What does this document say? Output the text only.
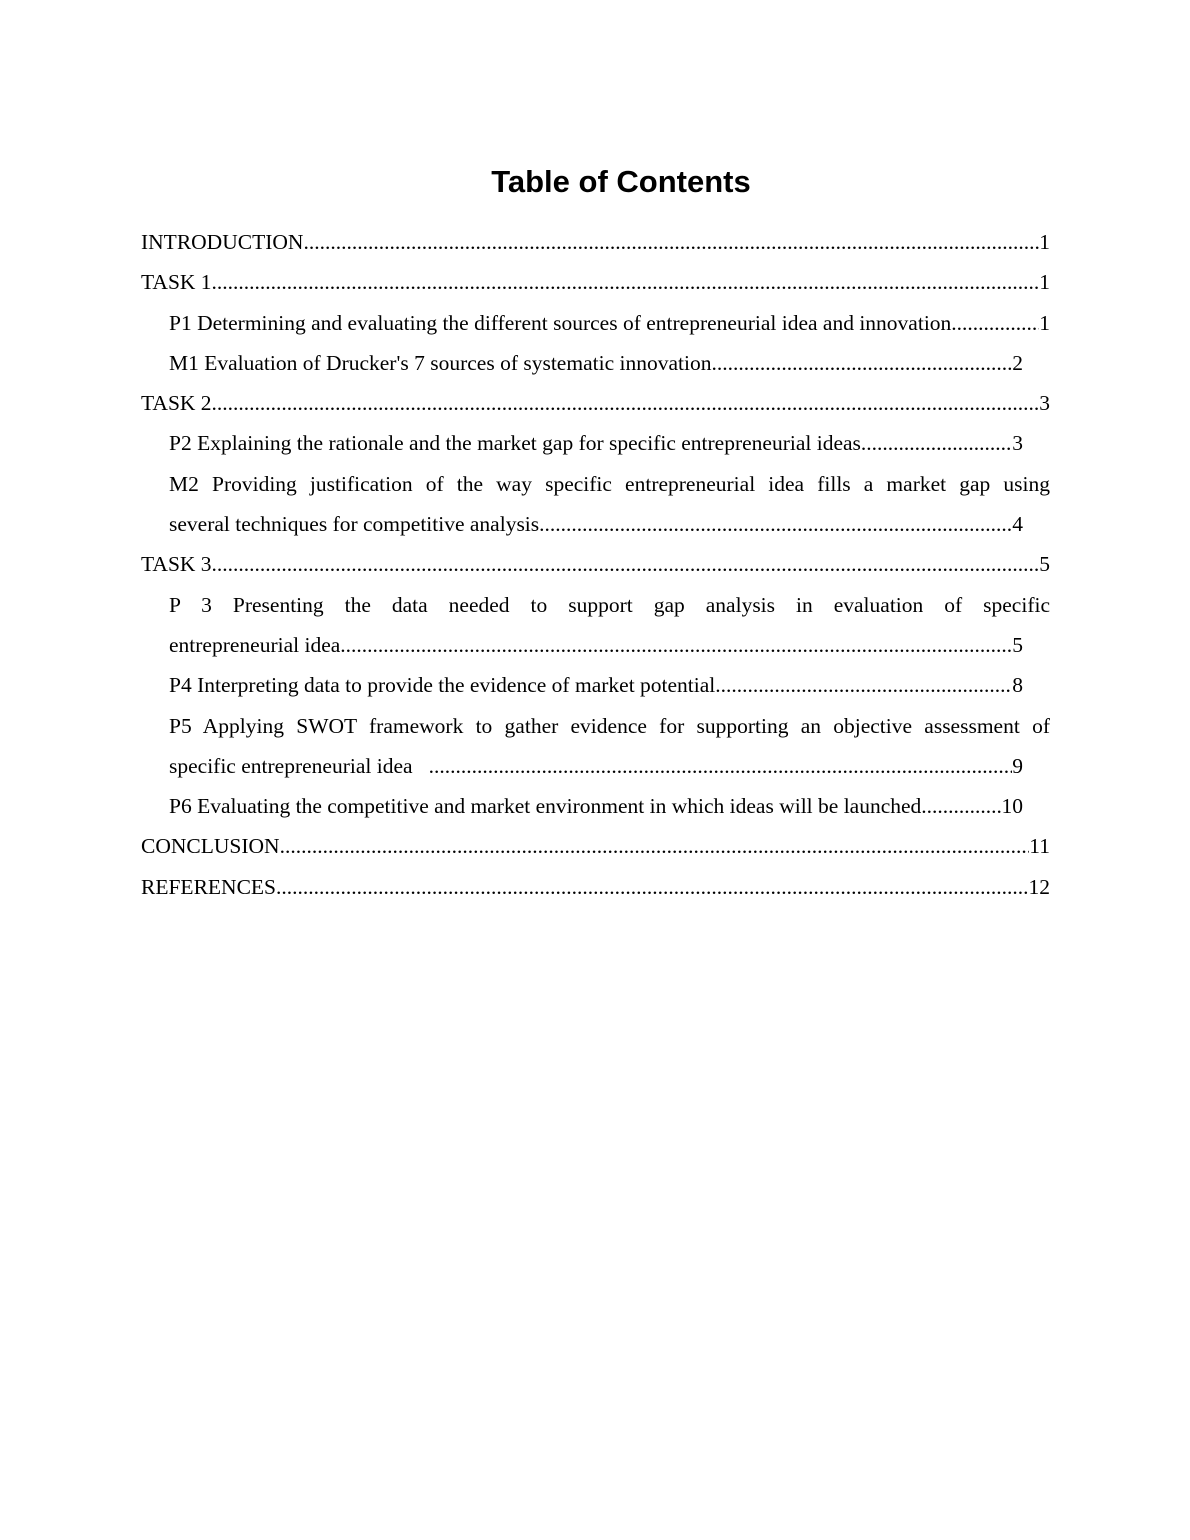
Table of Contents
INTRODUCTION .....	1
TASK 1 .....	1
P1 Determining and evaluating the different sources of entrepreneurial idea and innovation. .....	1
M1 Evaluation of Drucker's 7 sources of systematic innovation .....	2
TASK 2 .....	3
P2 Explaining the rationale and the market gap for specific entrepreneurial ideas .....	3
M2 Providing justification of the way specific entrepreneurial idea fills a market gap using
several techniques for competitive analysis .....	4
TASK 3 .....	5
P 3 Presenting the data needed to support gap analysis in evaluation of specific
entrepreneurial idea .....	5
P4 Interpreting data to provide the evidence of market potential .....	8
P5 Applying SWOT framework to gather evidence for supporting an objective assessment of
specific entrepreneurial idea .....	9
P6 Evaluating the competitive and market environment in which ideas will be launched .....	10
CONCLUSION .....	11
REFERENCES .....	12
